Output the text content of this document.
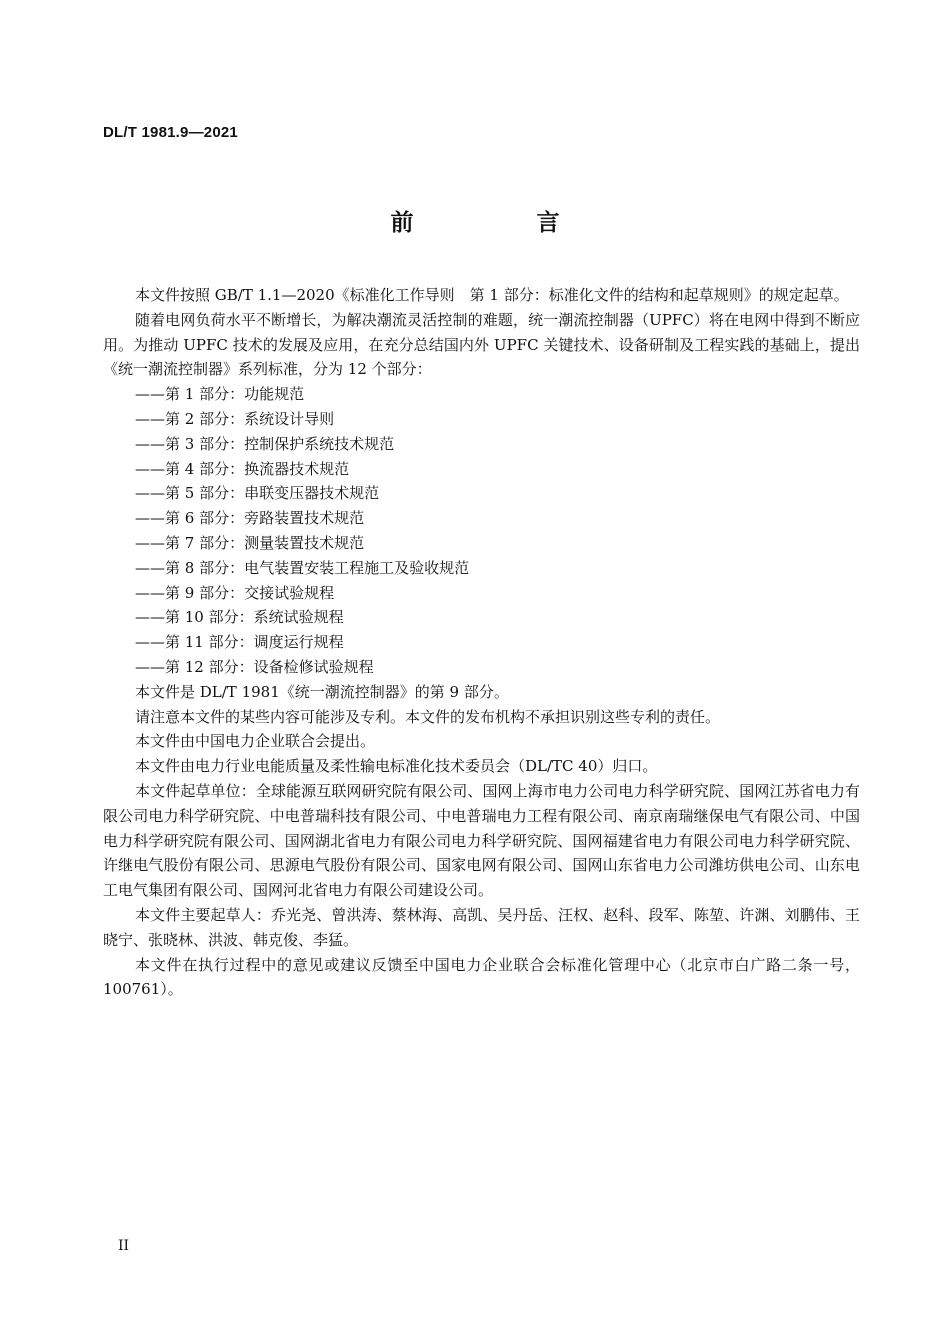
DL/T 1981.9—2021
前　言

本文件按照 GB/T 1.1—2020《标准化工作导则　第 1 部分：标准化文件的结构和起草规则》的规定起草。

随着电网负荷水平不断增长，为解决潮流灵活控制的难题，统一潮流控制器（UPFC）将在电网中得到不断应用。为推动 UPFC 技术的发展及应用，在充分总结国内外 UPFC 关键技术、设备研制及工程实践的基础上，提出《统一潮流控制器》系列标准，分为 12 个部分：

——第 1 部分：功能规范
——第 2 部分：系统设计导则
——第 3 部分：控制保护系统技术规范
——第 4 部分：换流器技术规范
——第 5 部分：串联变压器技术规范
——第 6 部分：旁路装置技术规范
——第 7 部分：测量装置技术规范
——第 8 部分：电气装置安装工程施工及验收规范
——第 9 部分：交接试验规程
——第 10 部分：系统试验规程
——第 11 部分：调度运行规程
——第 12 部分：设备检修试验规程

本文件是 DL/T 1981《统一潮流控制器》的第 9 部分。

请注意本文件的某些内容可能涉及专利。本文件的发布机构不承担识别这些专利的责任。

本文件由中国电力企业联合会提出。

本文件由电力行业电能质量及柔性输电标准化技术委员会（DL/TC 40）归口。

本文件起草单位：全球能源互联网研究院有限公司、国网上海市电力公司电力科学研究院、国网江苏省电力有限公司电力科学研究院、中电普瑞科技有限公司、中电普瑞电力工程有限公司、南京南瑞继保电气有限公司、中国电力科学研究院有限公司、国网湖北省电力有限公司电力科学研究院、国网福建省电力有限公司电力科学研究院、许继电气股份有限公司、思源电气股份有限公司、国家电网有限公司、国网山东省电力公司潍坊供电公司、山东电工电气集团有限公司、国网河北省电力有限公司建设公司。

本文件主要起草人：乔光尧、曾洪涛、蔡林海、高凯、吴丹岳、汪权、赵科、段军、陈堃、许渊、刘鹏伟、王晓宁、张晓林、洪波、韩克俊、李猛。

本文件在执行过程中的意见或建议反馈至中国电力企业联合会标准化管理中心（北京市白广路二条一号，100761）。

II
